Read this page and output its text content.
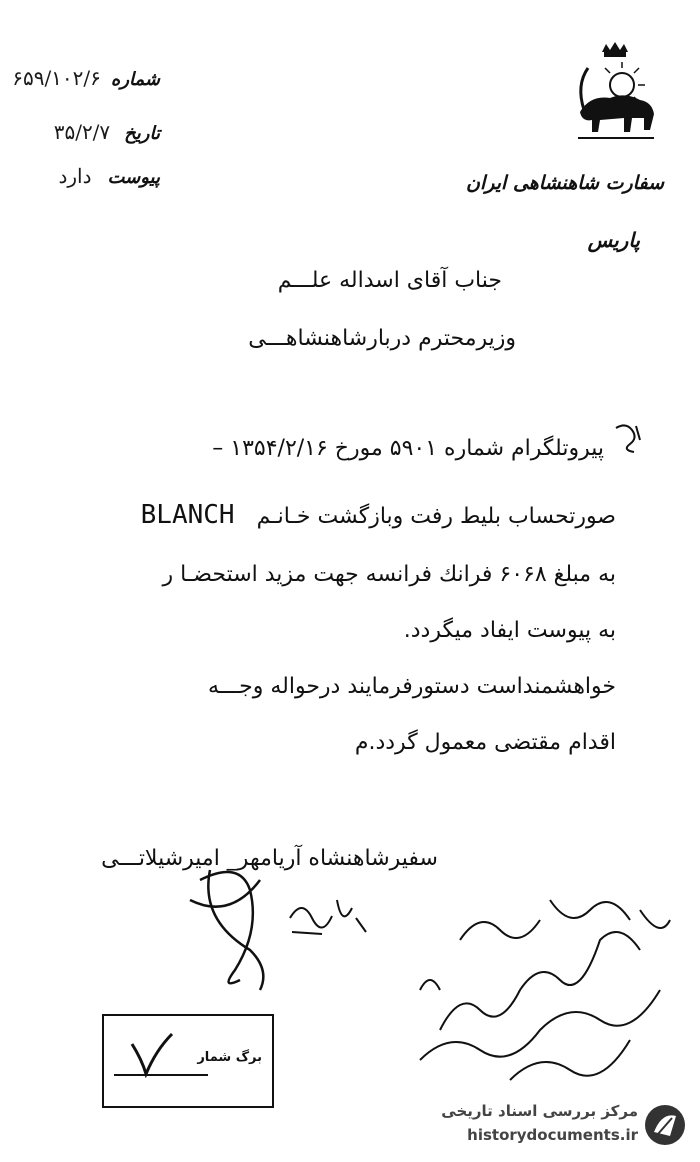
سفارت شاهنشاهی ایران
پاریس
شماره
۶۵۹/۱۰۲/۶
تاریخ
۳۵/۲/۷
پیوست
دارد
جناب آقای اسداله علـــم
وزیرمحترم دربارشاهنشاهـــی
پیروتلگرام شماره ۵۹۰۱ مورخ ۱۳۵۴/۲/۱۶ –
صورتحساب بلیط رفت وبازگشت خـانـم
BLANCH
به مبلغ ۶۰۶۸ فرانك فرانسه جهت مزيد استحضـا ر
به پیوست ایفاد میگردد.
خواهشمنداست دستورفرمایند درحواله وجـــه
اقدام مقتضی معمول گردد.م
سفیرشاهنشاه آریامهر_ امیرشیلاتـــی
برگ شمار
مرکز بررسی اسناد تاریخی
historydocuments.ir
